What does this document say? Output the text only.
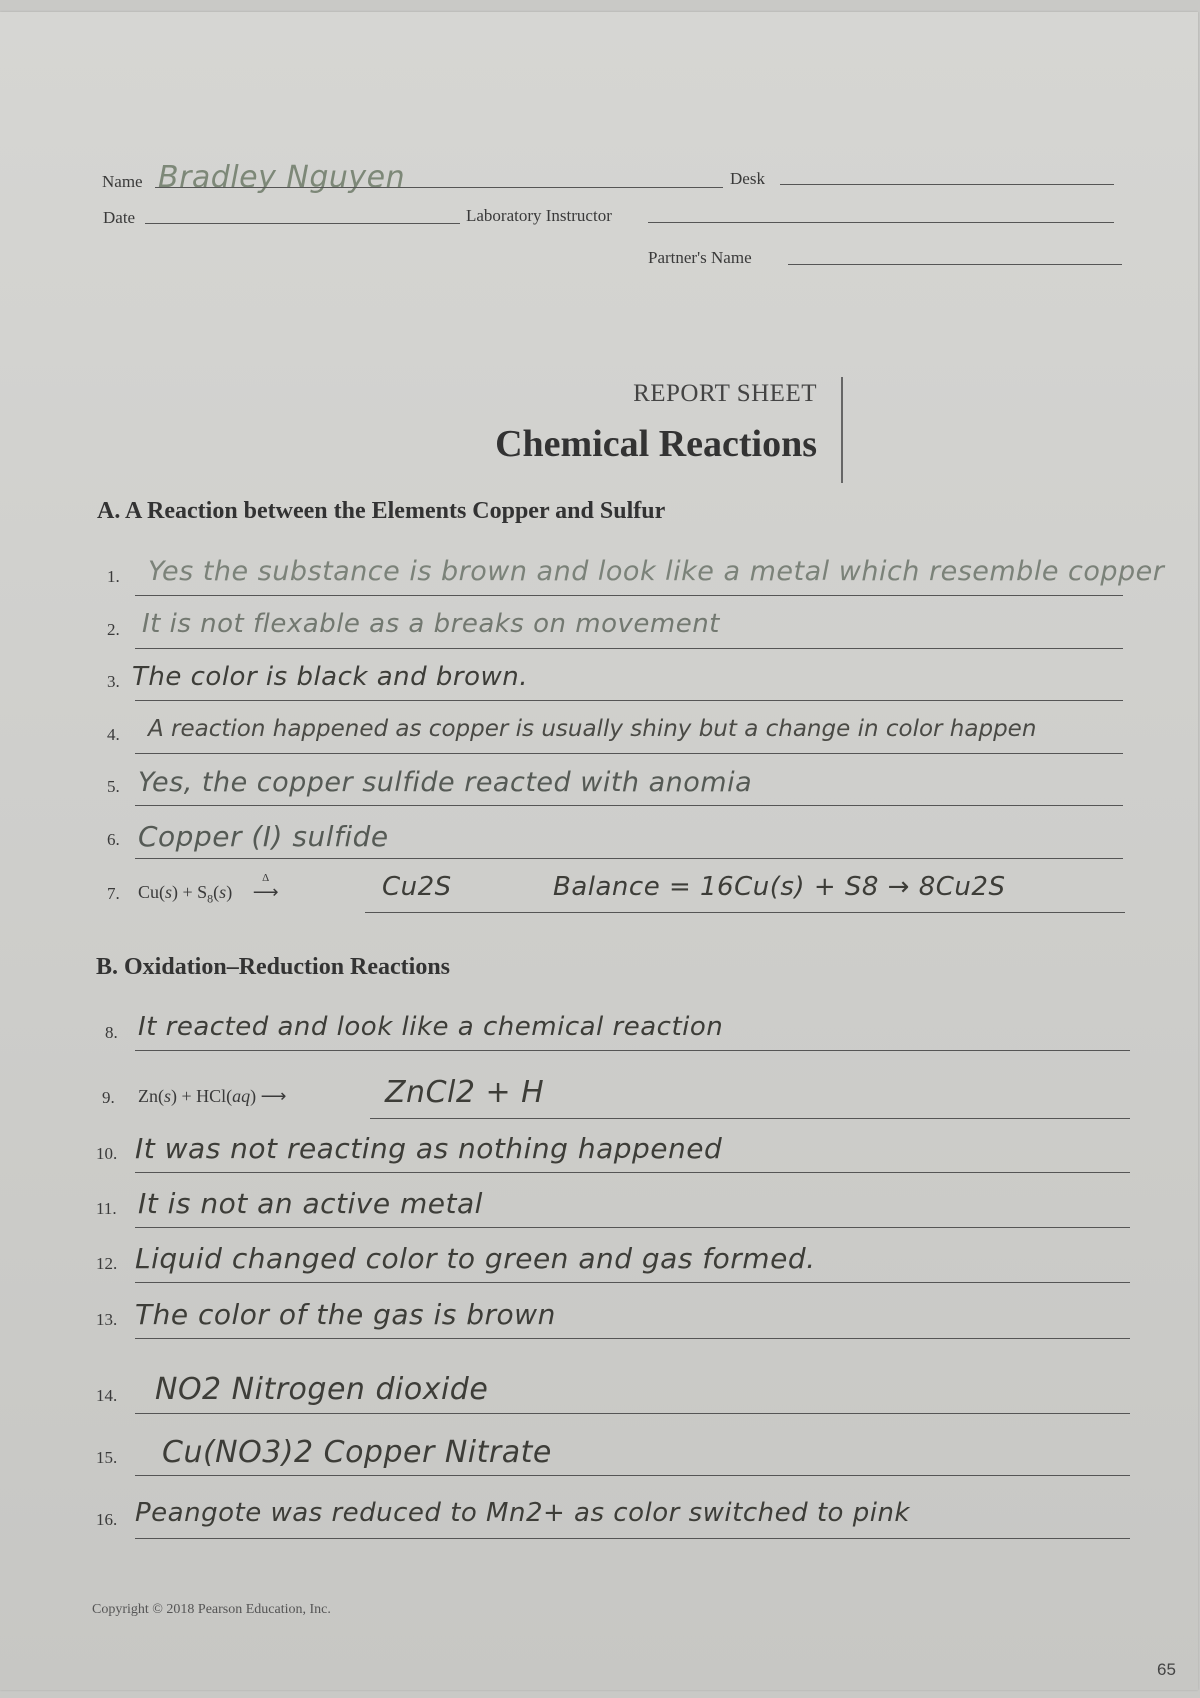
Name Bradley Nguyen	Desk
Date	Laboratory Instructor
Partner's Name
REPORT SHEET
Chemical Reactions
A. A Reaction between the Elements Copper and Sulfur
1. Yes the substance is brown and look like a metal which resemble copper
2. It is not flexable as a breaks on movement
3. The color is black and brown.
4. A reaction happened as copper is usually shiny but a change in color happen
5. Yes, the copper sulfide reacted with anomia
6. Copper (I) sulfide
7. $Cu(s) + S_8(s)$
Δ
⟶	Cu2S	Balance = 16Cu(s) + S8 → 8Cu2S
B. Oxidation–Reduction Reactions
8. It reacted and look like a chemical reaction
9. Zn(s) + HCl(aq) ⟶	ZnCl2 + H
10. It was not reacting as nothing happened
11. It is not an active metal
12. Liquid changed color to green and gas formed.
13. The color of the gas is brown
14. NO2 Nitrogen dioxide
15. Cu(NO3)2 Copper Nitrate
16. Peangote was reduced to Mn2+ as color switched to pink
Copyright © 2018 Pearson Education, Inc.
65
